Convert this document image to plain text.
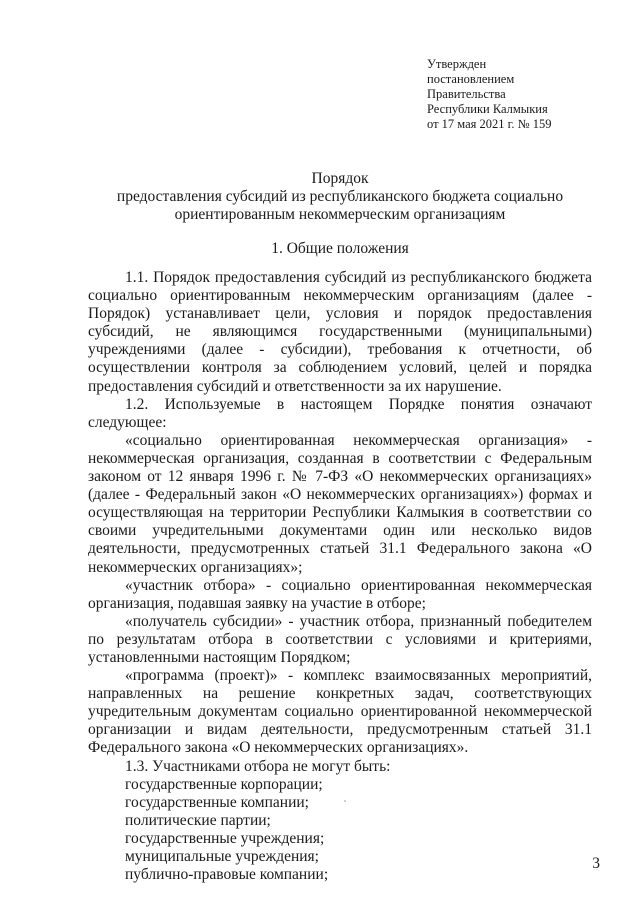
Утвержден
постановлением
Правительства
Республики Калмыкия
от 17 мая 2021 г. № 159
Порядок
предоставления субсидий из республиканского бюджета социально
ориентированным некоммерческим организациям
1. Общие положения

1.1. Порядок предоставления субсидий из республиканского бюджета социально ориентированным некоммерческим организациям (далее - Порядок) устанавливает цели, условия и порядок предоставления субсидий, не являющимся государственными (муниципальными) учреждениями (далее - субсидии), требования к отчетности, об осуществлении контроля за соблюдением условий, целей и порядка предоставления субсидий и ответственности за их нарушение.

1.2. Используемые в настоящем Порядке понятия означают следующее:

«социально ориентированная некоммерческая организация» - некоммерческая организация, созданная в соответствии с Федеральным законом от 12 января 1996 г. № 7-ФЗ «О некоммерческих организациях» (далее - Федеральный закон «О некоммерческих организациях») формах и осуществляющая на территории Республики Калмыкия в соответствии со своими учредительными документами один или несколько видов деятельности, предусмотренных статьей 31.1 Федерального закона «О некоммерческих организациях»;

«участник отбора» - социально ориентированная некоммерческая организация, подавшая заявку на участие в отборе;

«получатель субсидии» - участник отбора, признанный победителем по результатам отбора в соответствии с условиями и критериями, установленными настоящим Порядком;

«программа (проект)» - комплекс взаимосвязанных мероприятий, направленных на решение конкретных задач, соответствующих учредительным документам социально ориентированной некоммерческой организации и видам деятельности, предусмотренным статьей 31.1 Федерального закона «О некоммерческих организациях».

1.3. Участниками отбора не могут быть:

государственные корпорации;

государственные компании;

политические партии;

государственные учреждения;

муниципальные учреждения;

публично-правовые компании;

3
